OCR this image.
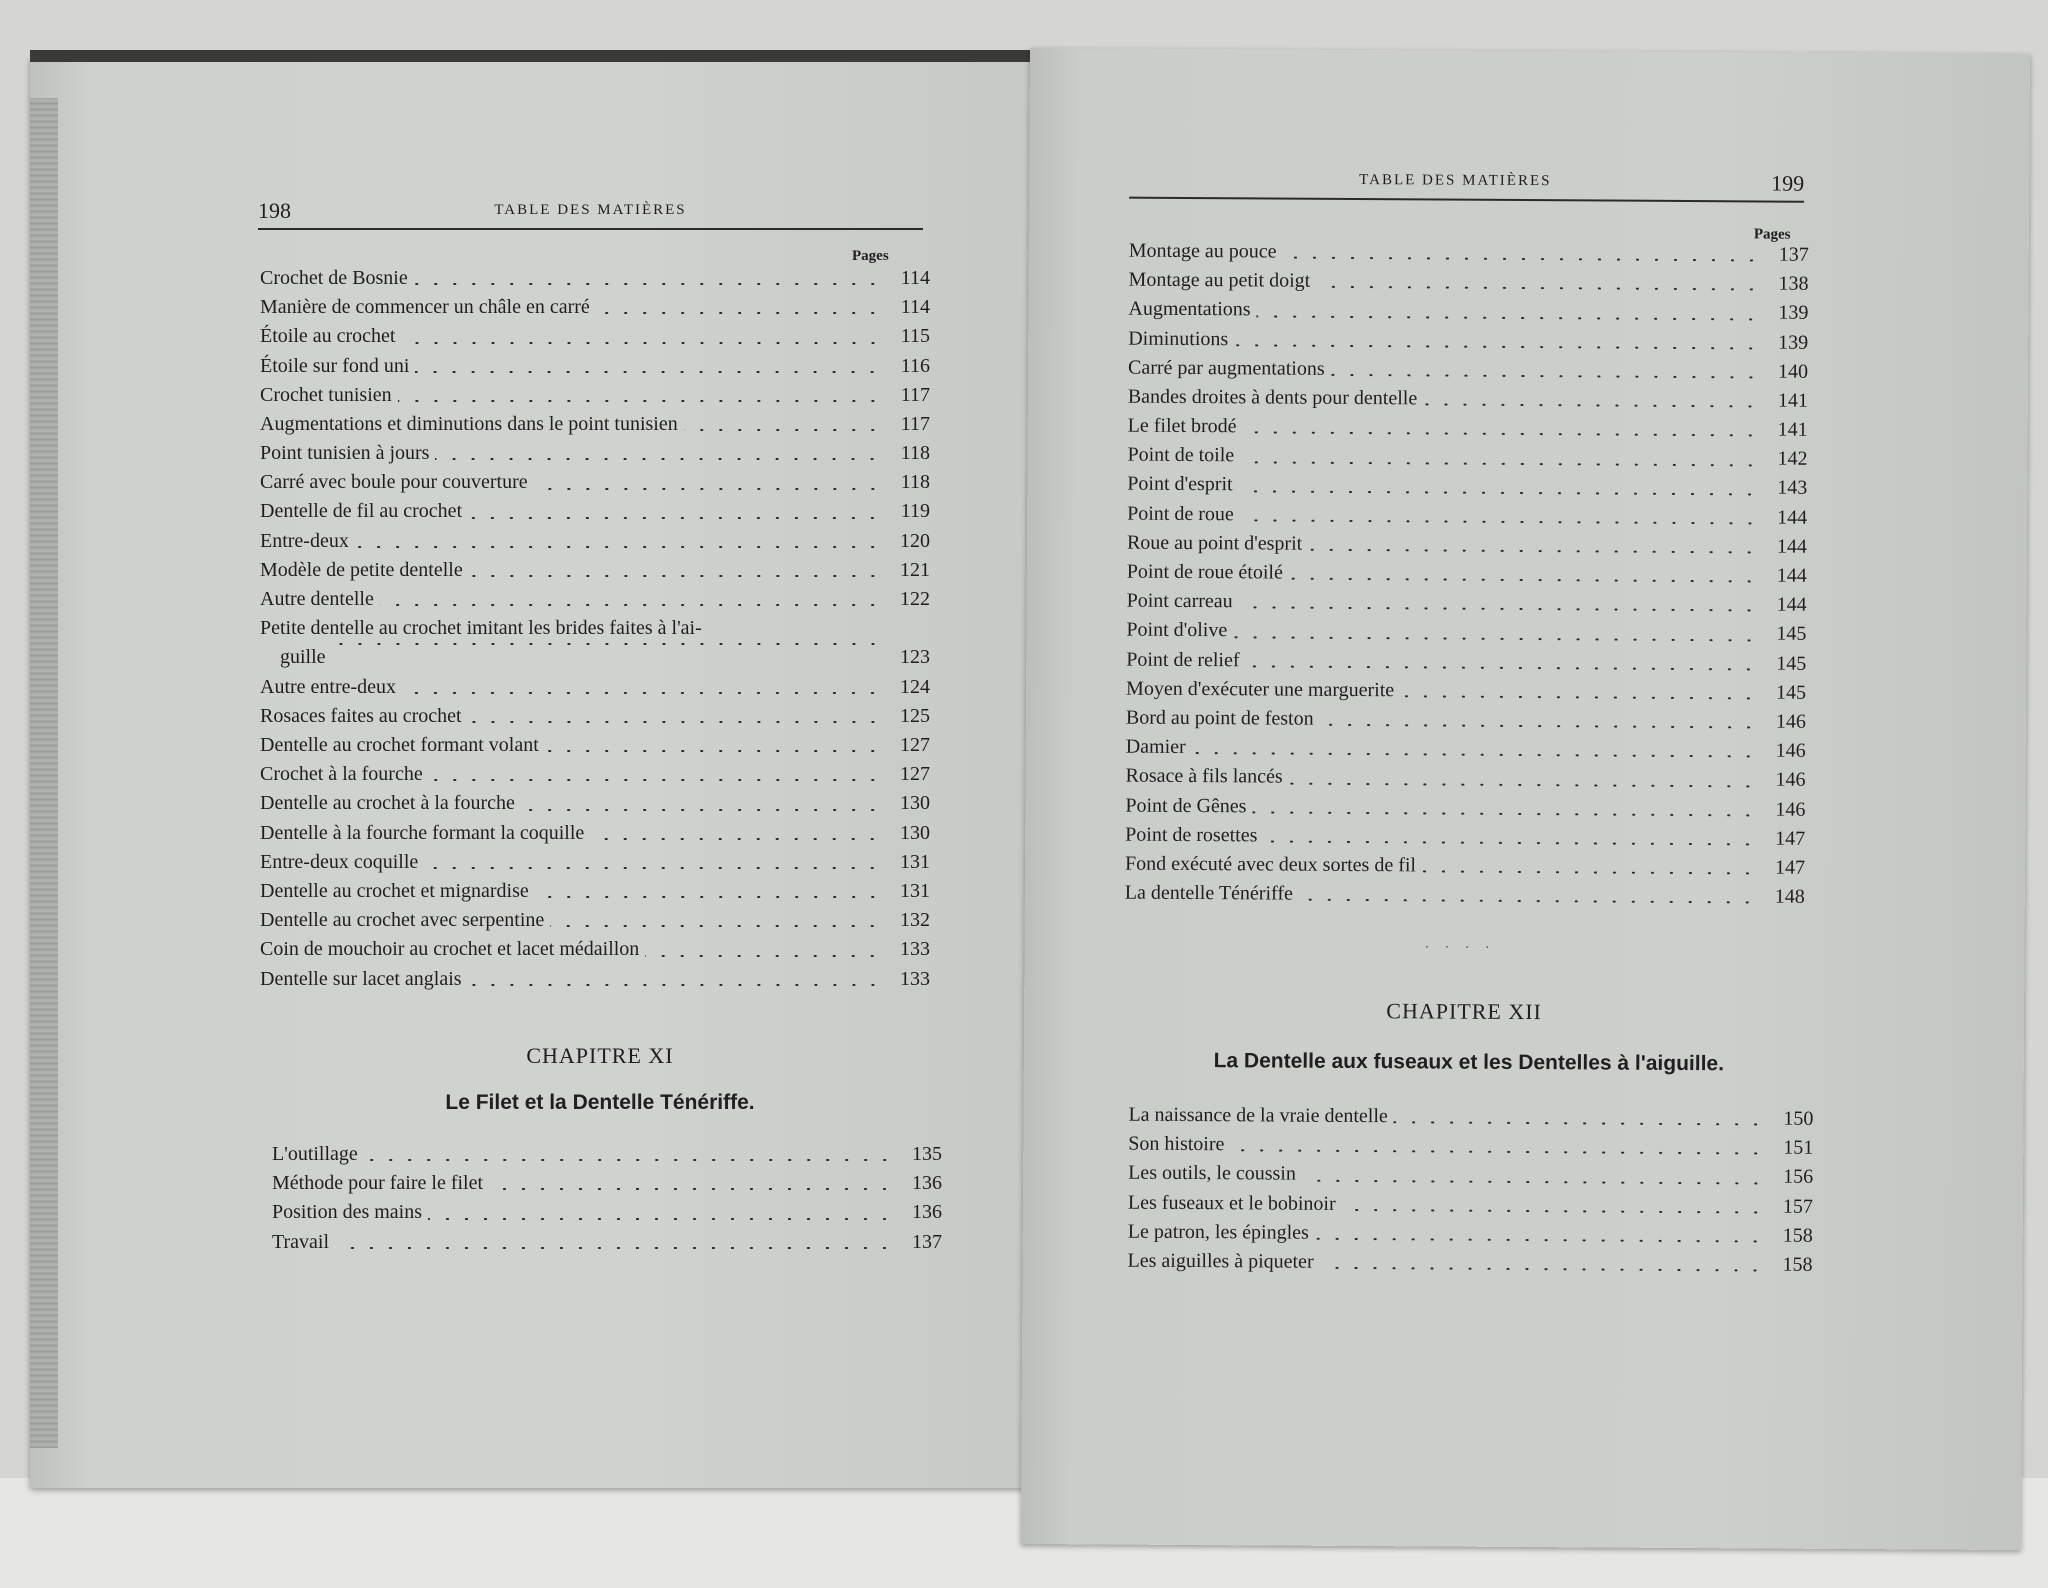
198	TABLE DES MATIÈRES
Pages
Crochet de Bosnie	114
Manière de commencer un châle en carré	114
Étoile au crochet	115
Étoile sur fond uni	116
Crochet tunisien	117
Augmentations et diminutions dans le point tunisien	117
Point tunisien à jours	118
Carré avec boule pour couverture	118
Dentelle de fil au crochet	119
Entre-deux	120
Modèle de petite dentelle	121
Autre dentelle	122
Petite dentelle au crochet imitant les brides faites à l'ai-
guille	123
Autre entre-deux	124
Rosaces faites au crochet	125
Dentelle au crochet formant volant	127
Crochet à la fourche	127
Dentelle au crochet à la fourche	130
Dentelle à la fourche formant la coquille	130
Entre-deux coquille	131
Dentelle au crochet et mignardise	131
Dentelle au crochet avec serpentine	132
Coin de mouchoir au crochet et lacet médaillon	133
Dentelle sur lacet anglais	133
CHAPITRE XI
Le Filet et la Dentelle Ténériffe.
L'outillage	135
Méthode pour faire le filet	136
Position des mains	136
Travail	137
TABLE DES MATIÈRES	199
Pages
Montage au pouce	137
Montage au petit doigt	138
Augmentations	139
Diminutions	139
Carré par augmentations	140
Bandes droites à dents pour dentelle	141
Le filet brodé	141
Point de toile	142
Point d'esprit	143
Point de roue	144
Roue au point d'esprit	144
Point de roue étoilé	144
Point carreau	144
Point d'olive	145
Point de relief	145
Moyen d'exécuter une marguerite	145
Bord au point de feston	146
Damier	146
Rosace à fils lancés	146
Point de Gênes	146
Point de rosettes	147
Fond exécuté avec deux sortes de fil	147
La dentelle Ténériffe	148
· · · ·
CHAPITRE XII
La Dentelle aux fuseaux et les Dentelles à l'aiguille.
La naissance de la vraie dentelle	150
Son histoire	151
Les outils, le coussin	156
Les fuseaux et le bobinoir	157
Le patron, les épingles	158
Les aiguilles à piqueter	158
